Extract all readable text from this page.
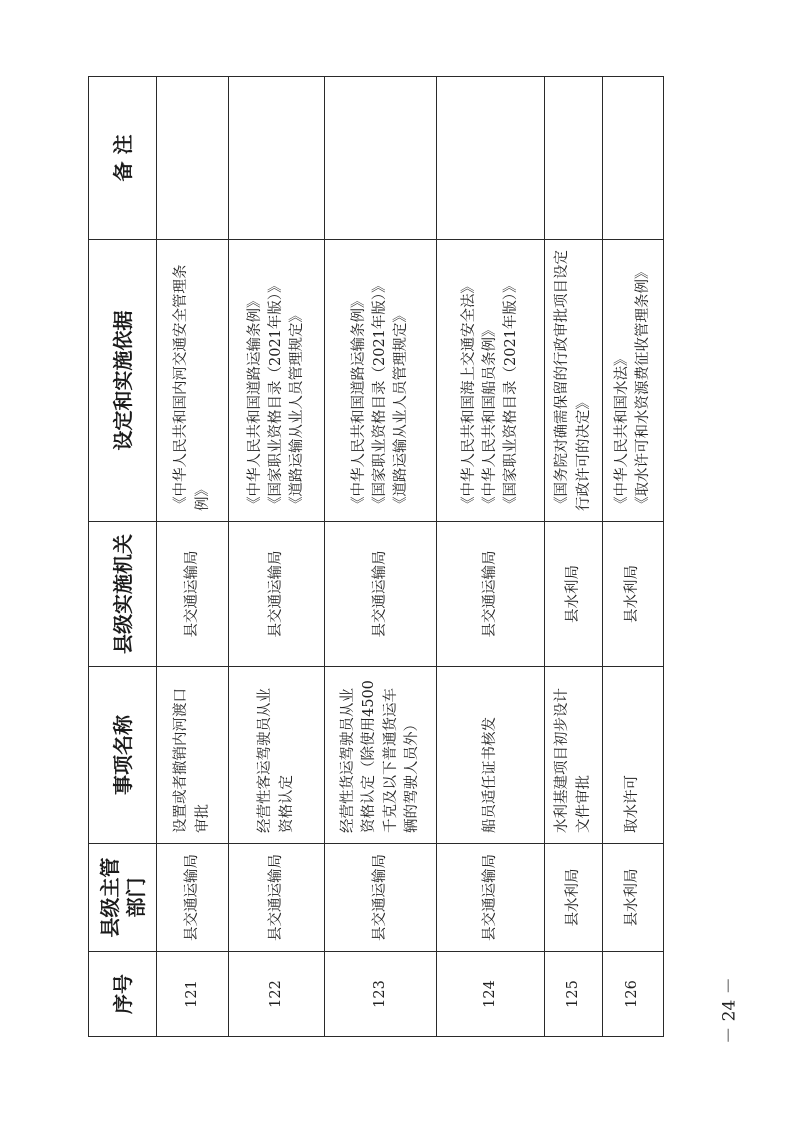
序号	县级主管部门	事项名称	县级实施机关	设定和实施依据	备 注
121	县交通运输局	设置或者撤销内河渡口审批	县交通运输局	《中华人民共和国内河交通安全管理条例》	

122	县交通运输局	经营性客运驾驶员从业资格认定	县交通运输局	《中华人民共和国道路运输条例》 《国家职业资格目录（2021年版）》 《道路运输从业人员管理规定》	

123	县交通运输局	经营性货运驾驶员从业资格认定（除使用4500千克及以下普通货运车辆的驾驶人员外）	县交通运输局	《中华人民共和国道路运输条例》 《国家职业资格目录（2021年版）》 《道路运输从业人员管理规定》	

124	县交通运输局	船员适任证书核发	县交通运输局	《中华人民共和国海上交通安全法》 《中华人民共和国船员条例》 《国家职业资格目录（2021年版）》	

125	县水利局	水利基建项目初步设计文件审批	县水利局	《国务院对确需保留的行政审批项目设定行政许可的决定》	

126	县水利局	取水许可	县水利局	《中华人民共和国水法》 《取水许可和水资源费征收管理条例》	

－ 24 －
